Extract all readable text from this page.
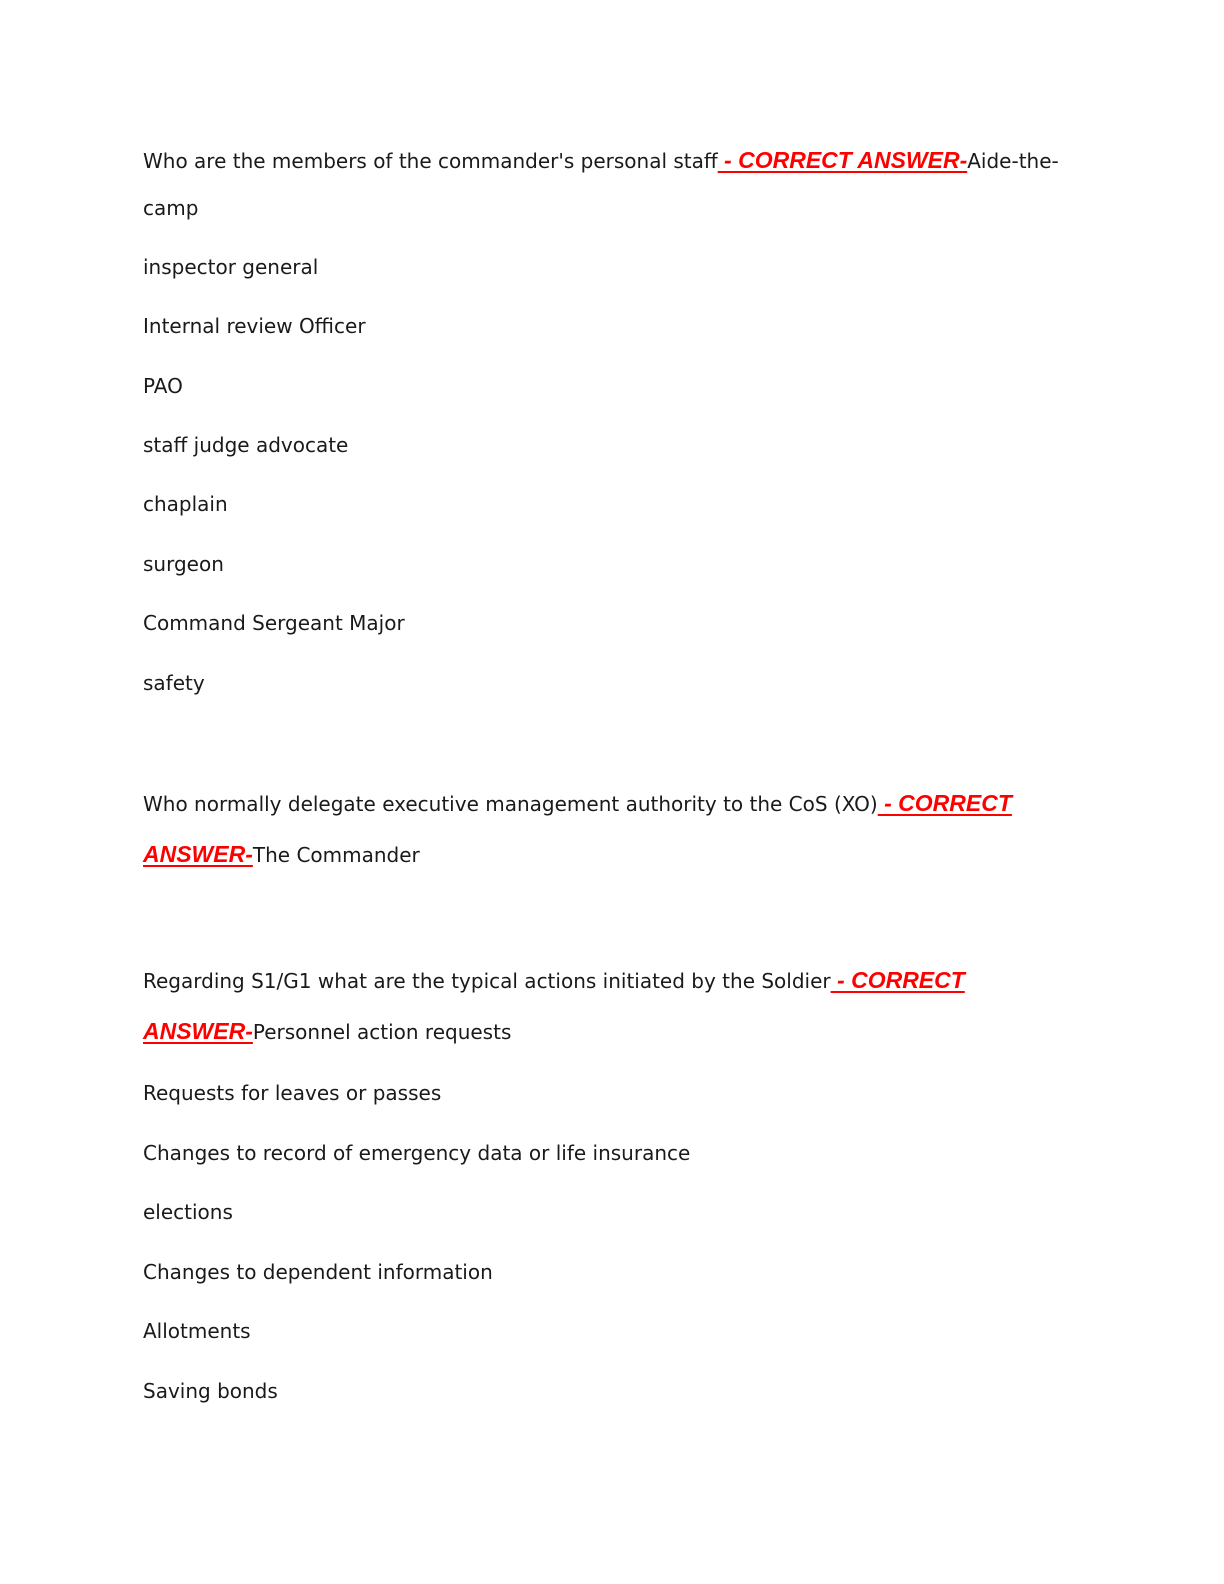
Who are the members of the commander's personal staff - CORRECT ANSWER-Aide-the-
camp
inspector general
Internal review Officer
PAO
staff judge advocate
chaplain
surgeon
Command Sergeant Major
safety
Who normally delegate executive management authority to the CoS (XO) - CORRECT
ANSWER-The Commander
Regarding S1/G1 what are the typical actions initiated by the Soldier - CORRECT
ANSWER-Personnel action requests
Requests for leaves or passes
Changes to record of emergency data or life insurance
elections
Changes to dependent information
Allotments
Saving bonds
